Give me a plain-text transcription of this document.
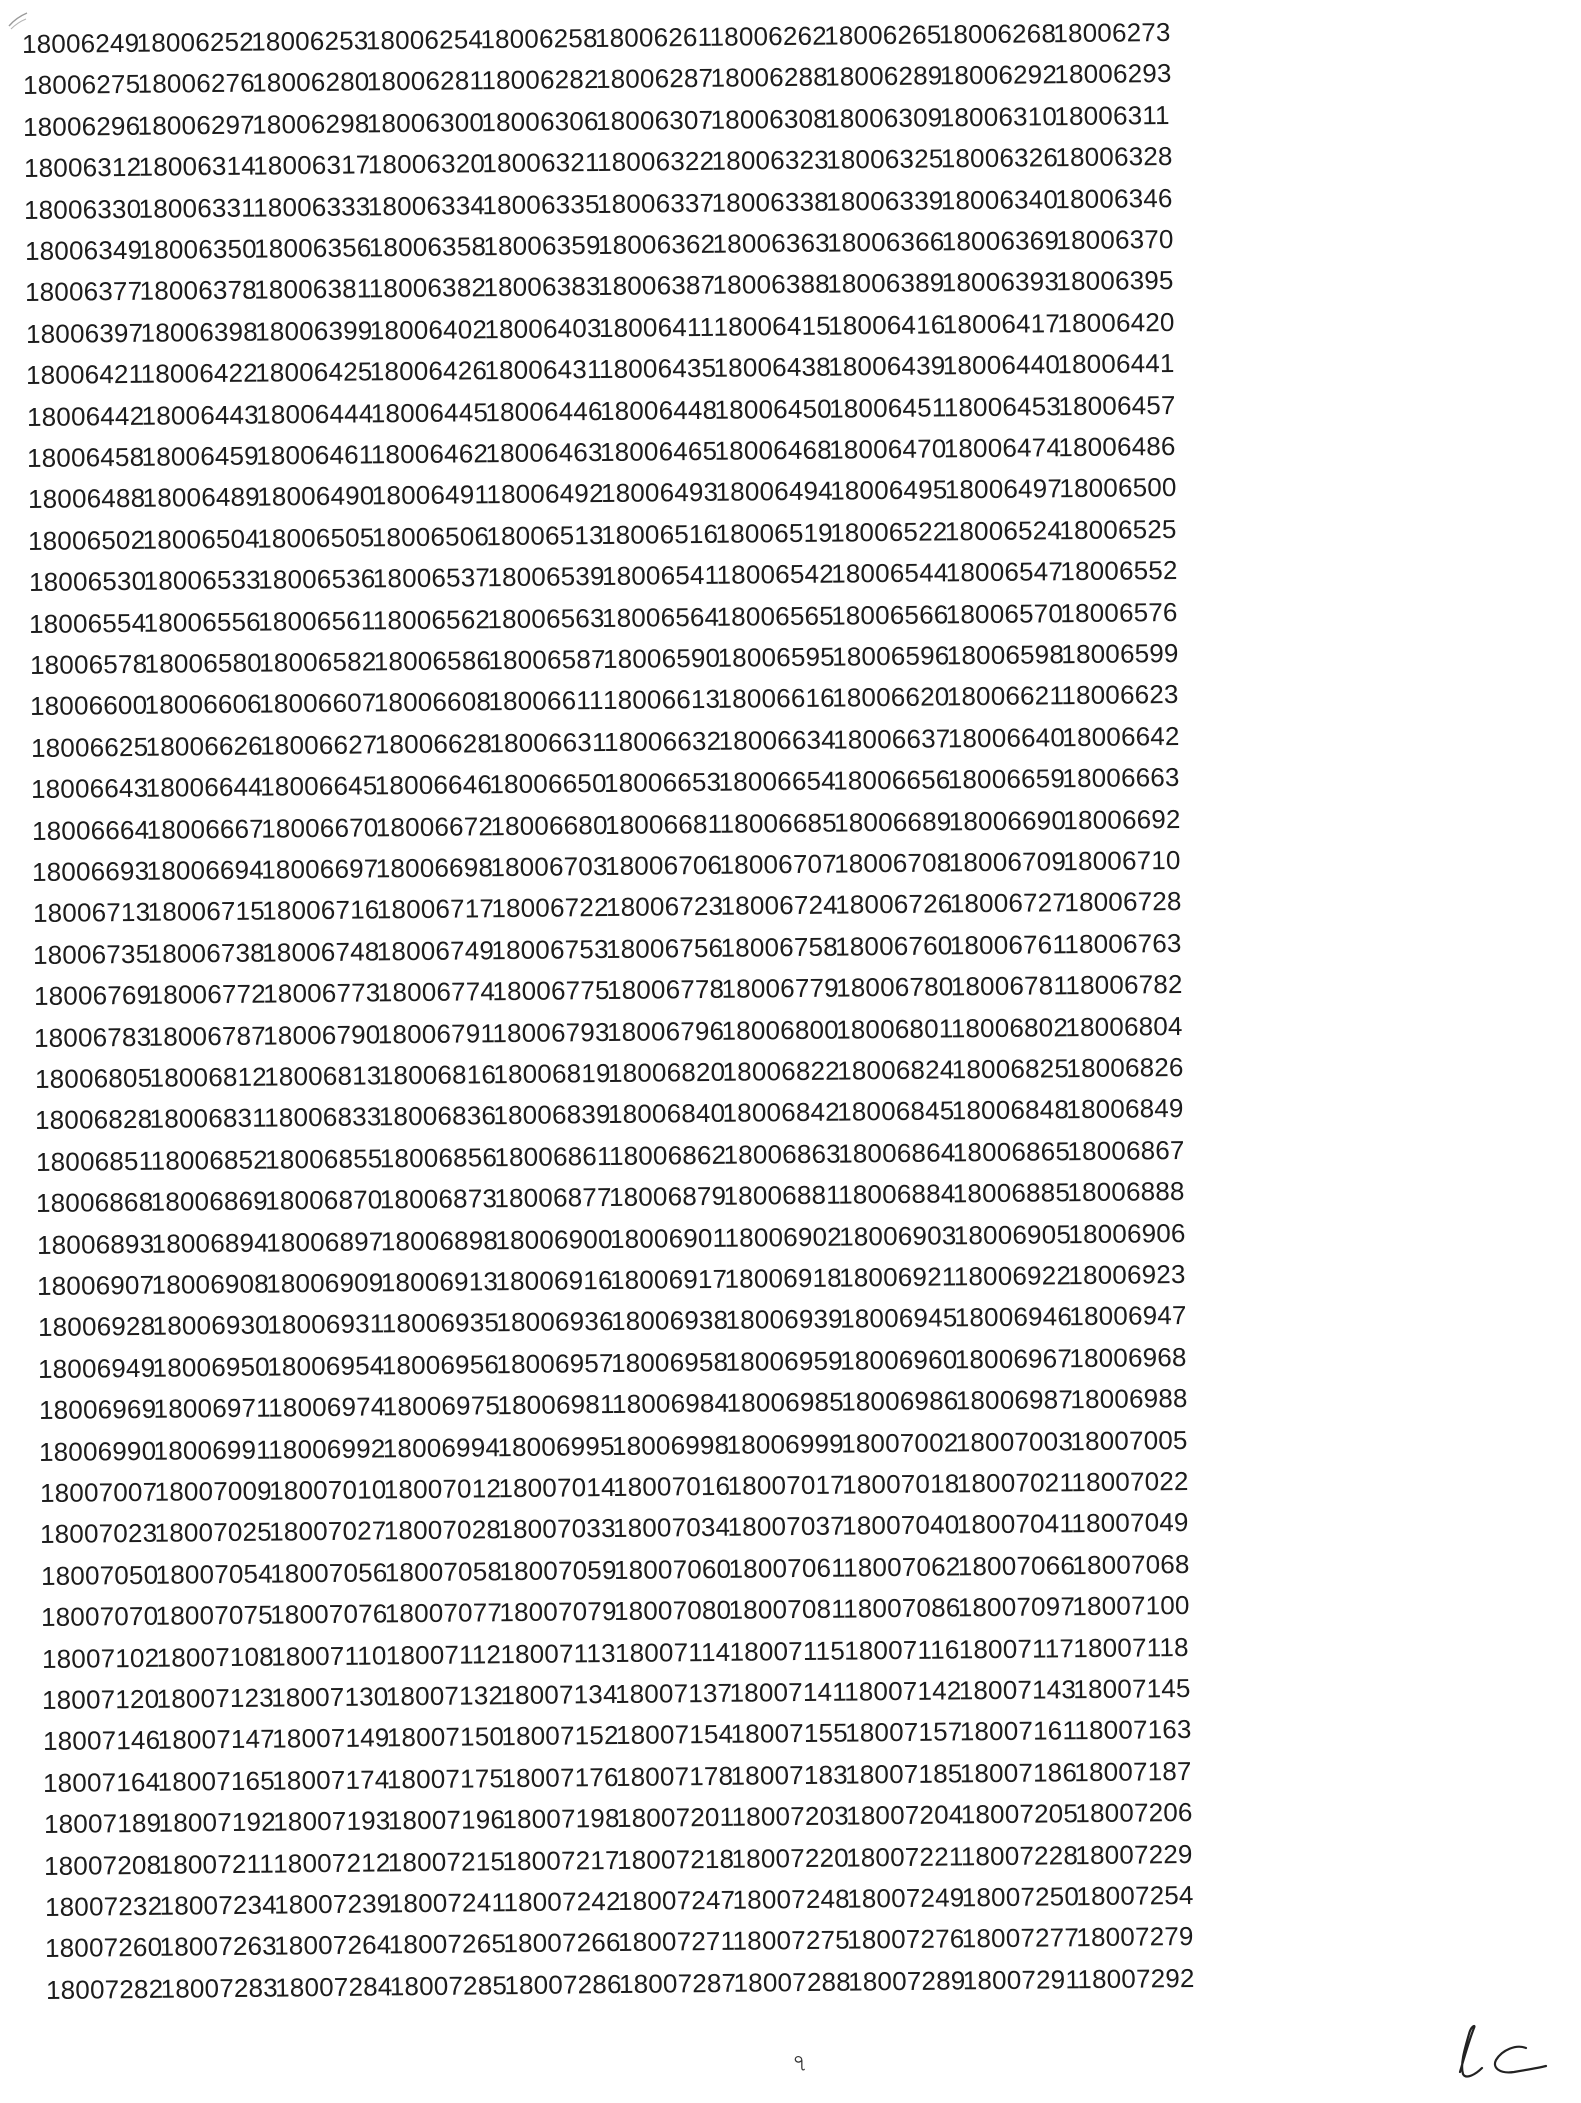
18006249
18006252
18006253
18006254
18006258
18006261
18006262
18006265
18006268
18006273
18006275
18006276
18006280
18006281
18006282
18006287
18006288
18006289
18006292
18006293
18006296
18006297
18006298
18006300
18006306
18006307
18006308
18006309
18006310
18006311
18006312
18006314
18006317
18006320
18006321
18006322
18006323
18006325
18006326
18006328
18006330
18006331
18006333
18006334
18006335
18006337
18006338
18006339
18006340
18006346
18006349
18006350
18006356
18006358
18006359
18006362
18006363
18006366
18006369
18006370
18006377
18006378
18006381
18006382
18006383
18006387
18006388
18006389
18006393
18006395
18006397
18006398
18006399
18006402
18006403
18006411
18006415
18006416
18006417
18006420
18006421
18006422
18006425
18006426
18006431
18006435
18006438
18006439
18006440
18006441
18006442
18006443
18006444
18006445
18006446
18006448
18006450
18006451
18006453
18006457
18006458
18006459
18006461
18006462
18006463
18006465
18006468
18006470
18006474
18006486
18006488
18006489
18006490
18006491
18006492
18006493
18006494
18006495
18006497
18006500
18006502
18006504
18006505
18006506
18006513
18006516
18006519
18006522
18006524
18006525
18006530
18006533
18006536
18006537
18006539
18006541
18006542
18006544
18006547
18006552
18006554
18006556
18006561
18006562
18006563
18006564
18006565
18006566
18006570
18006576
18006578
18006580
18006582
18006586
18006587
18006590
18006595
18006596
18006598
18006599
18006600
18006606
18006607
18006608
18006611
18006613
18006616
18006620
18006621
18006623
18006625
18006626
18006627
18006628
18006631
18006632
18006634
18006637
18006640
18006642
18006643
18006644
18006645
18006646
18006650
18006653
18006654
18006656
18006659
18006663
18006664
18006667
18006670
18006672
18006680
18006681
18006685
18006689
18006690
18006692
18006693
18006694
18006697
18006698
18006703
18006706
18006707
18006708
18006709
18006710
18006713
18006715
18006716
18006717
18006722
18006723
18006724
18006726
18006727
18006728
18006735
18006738
18006748
18006749
18006753
18006756
18006758
18006760
18006761
18006763
18006769
18006772
18006773
18006774
18006775
18006778
18006779
18006780
18006781
18006782
18006783
18006787
18006790
18006791
18006793
18006796
18006800
18006801
18006802
18006804
18006805
18006812
18006813
18006816
18006819
18006820
18006822
18006824
18006825
18006826
18006828
18006831
18006833
18006836
18006839
18006840
18006842
18006845
18006848
18006849
18006851
18006852
18006855
18006856
18006861
18006862
18006863
18006864
18006865
18006867
18006868
18006869
18006870
18006873
18006877
18006879
18006881
18006884
18006885
18006888
18006893
18006894
18006897
18006898
18006900
18006901
18006902
18006903
18006905
18006906
18006907
18006908
18006909
18006913
18006916
18006917
18006918
18006921
18006922
18006923
18006928
18006930
18006931
18006935
18006936
18006938
18006939
18006945
18006946
18006947
18006949
18006950
18006954
18006956
18006957
18006958
18006959
18006960
18006967
18006968
18006969
18006971
18006974
18006975
18006981
18006984
18006985
18006986
18006987
18006988
18006990
18006991
18006992
18006994
18006995
18006998
18006999
18007002
18007003
18007005
18007007
18007009
18007010
18007012
18007014
18007016
18007017
18007018
18007021
18007022
18007023
18007025
18007027
18007028
18007033
18007034
18007037
18007040
18007041
18007049
18007050
18007054
18007056
18007058
18007059
18007060
18007061
18007062
18007066
18007068
18007070
18007075
18007076
18007077
18007079
18007080
18007081
18007086
18007097
18007100
18007102
18007108
18007110
18007112
18007113
18007114
18007115
18007116
18007117
18007118
18007120
18007123
18007130
18007132
18007134
18007137
18007141
18007142
18007143
18007145
18007146
18007147
18007149
18007150
18007152
18007154
18007155
18007157
18007161
18007163
18007164
18007165
18007174
18007175
18007176
18007178
18007183
18007185
18007186
18007187
18007189
18007192
18007193
18007196
18007198
18007201
18007203
18007204
18007205
18007206
18007208
18007211
18007212
18007215
18007217
18007218
18007220
18007221
18007228
18007229
18007232
18007234
18007239
18007241
18007242
18007247
18007248
18007249
18007250
18007254
18007260
18007263
18007264
18007265
18007266
18007271
18007275
18007276
18007277
18007279
18007282
18007283
18007284
18007285
18007286
18007287
18007288
18007289
18007291
18007292
৭
